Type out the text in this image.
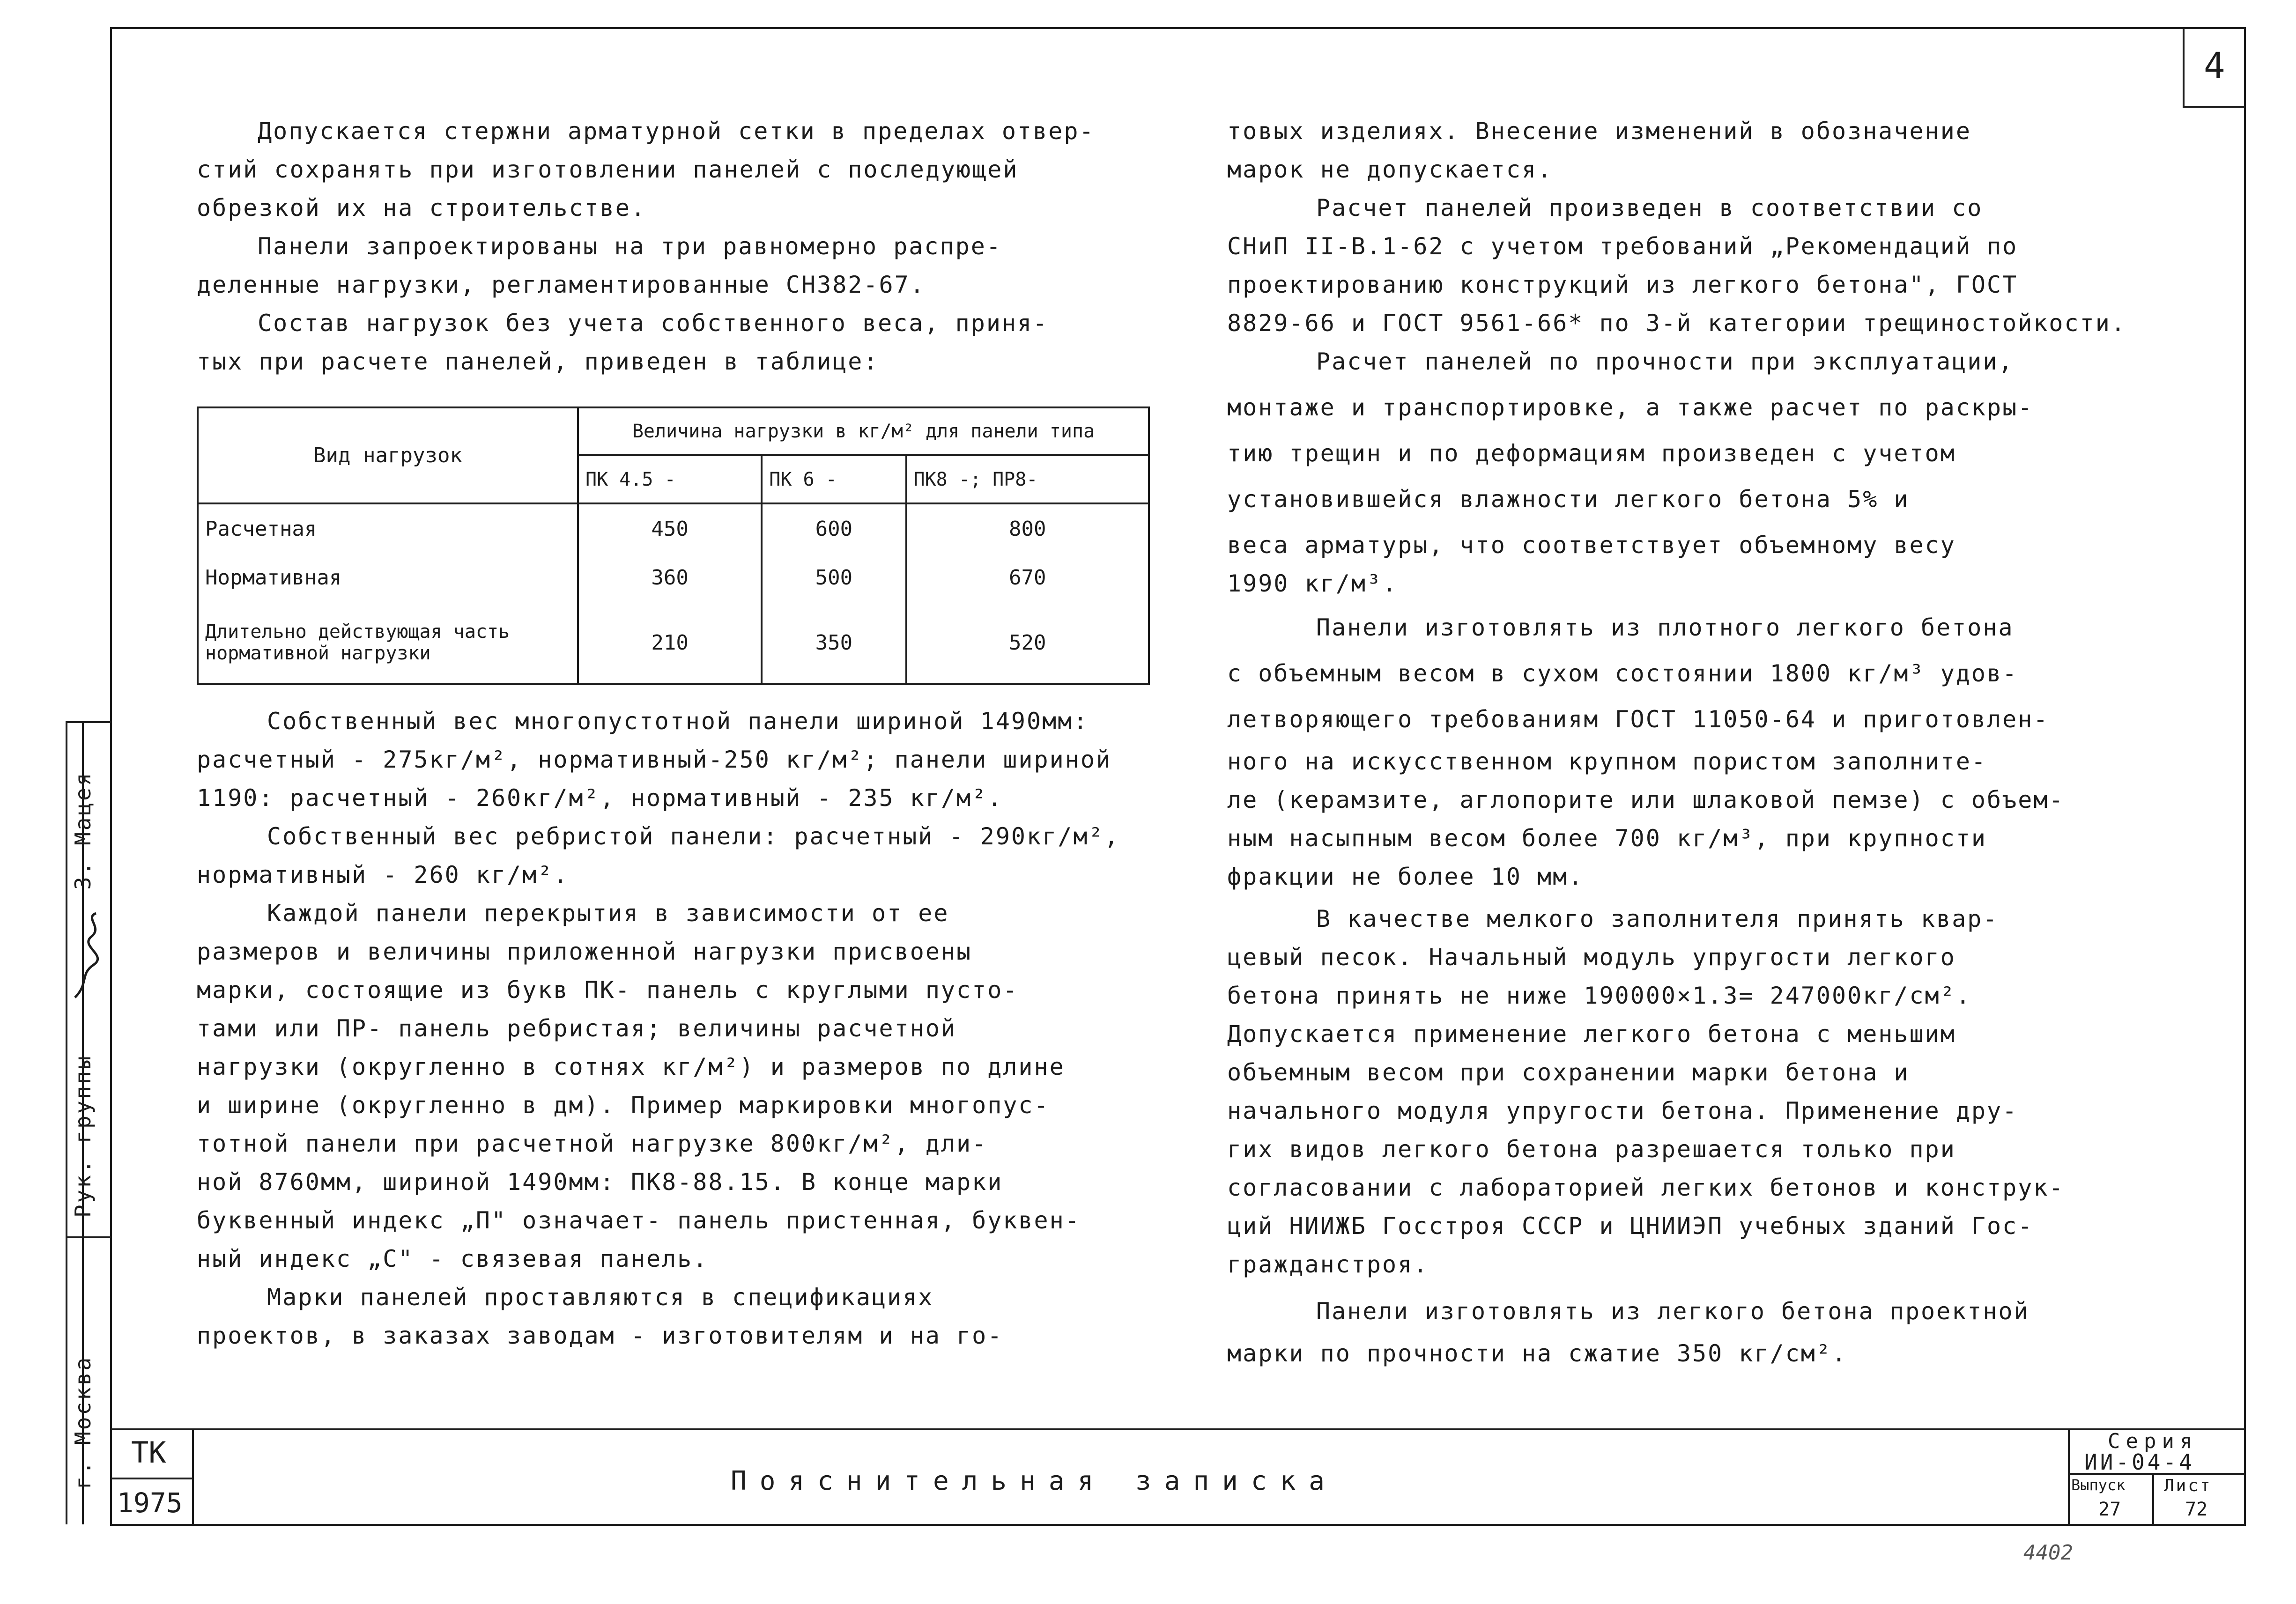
4
г. Москва
Рук. группы
З. Мацея
Допускается стержни арматурной сетки в пределах отвер-
стий сохранять при изготовлении панелей с последующей
обрезкой их на строительстве.
Панели запроектированы на три равномерно распре-
деленные нагрузки, регламентированные СН382-67.
Состав нагрузок без учета собственного веса, приня-
тых при расчете панелей, приведен в таблице:
Вид нагрузок	Величина нагрузки в кг/м² для панели типа		
	ПК 4.5 -	ПК 6 -	ПК8 -; ПР8-
Расчетная	450	600	800
Нормативная	360	500	670
Длительно действующая часть нормативной нагрузки	210	350	520
Собственный вес многопустотной панели шириной 1490мм:
расчетный - 275кг/м², нормативный-250 кг/м²; панели шириной
1190: расчетный - 260кг/м², нормативный - 235 кг/м².
Собственный вес ребристой панели: расчетный - 290кг/м²,
нормативный - 260 кг/м².
Каждой панели перекрытия в зависимости от ее
размеров и величины приложенной нагрузки присвоены
марки, состоящие из букв ПК- панель с круглыми пусто-
тами или ПР- панель ребристая; величины расчетной
нагрузки (округленно в сотнях кг/м²) и размеров по длине
и ширине (округленно в дм). Пример маркировки многопус-
тотной панели при расчетной нагрузке 800кг/м², дли-
ной 8760мм, шириной 1490мм: ПК8-88.15. В конце марки
буквенный индекс „П" означает- панель пристенная, буквен-
ный индекс „С" - связевая панель.
Марки панелей проставляются в спецификациях
проектов, в заказах заводам - изготовителям и на го-
товых изделиях. Внесение изменений в обозначение
марок не допускается.
Расчет панелей произведен в соответствии со
СНиП II-В.1-62 с учетом требований „Рекомендаций по
проектированию конструкций из легкого бетона", ГОСТ
8829-66 и ГОСТ 9561-66* по 3-й категории трещиностойкости.
Расчет панелей по прочности при эксплуатации,
монтаже и транспортировке, а также расчет по раскры-
тию трещин и по деформациям произведен с учетом
установившейся влажности легкого бетона 5% и
веса арматуры, что соответствует объемному весу
1990 кг/м³.
Панели изготовлять из плотного легкого бетона
с объемным весом в сухом состоянии 1800 кг/м³ удов-
летворяющего требованиям ГОСТ 11050-64 и приготовлен-
ного на искусственном крупном пористом заполните-
ле (керамзите, аглопорите или шлаковой пемзе) с объем-
ным насыпным весом более 700 кг/м³, при крупности
фракции не более 10 мм.
В качестве мелкого заполнителя принять квар-
цевый песок. Начальный модуль упругости легкого
бетона принять не ниже 190000×1.3= 247000кг/см².
Допускается применение легкого бетона с меньшим
объемным весом при сохранении марки бетона и
начального модуля упругости бетона. Применение дру-
гих видов легкого бетона разрешается только при
согласовании с лабораторией легких бетонов и конструк-
ций НИИЖБ Госстроя СССР и ЦНИИЭП учебных зданий Гос-
гражданстроя.
Панели изготовлять из легкого бетона проектной
марки по прочности на сжатие 350 кг/см².
ТК
1975
Пояснительная записка
Серия
ИИ-04-4
Выпуск
27
Лист
72
4402
